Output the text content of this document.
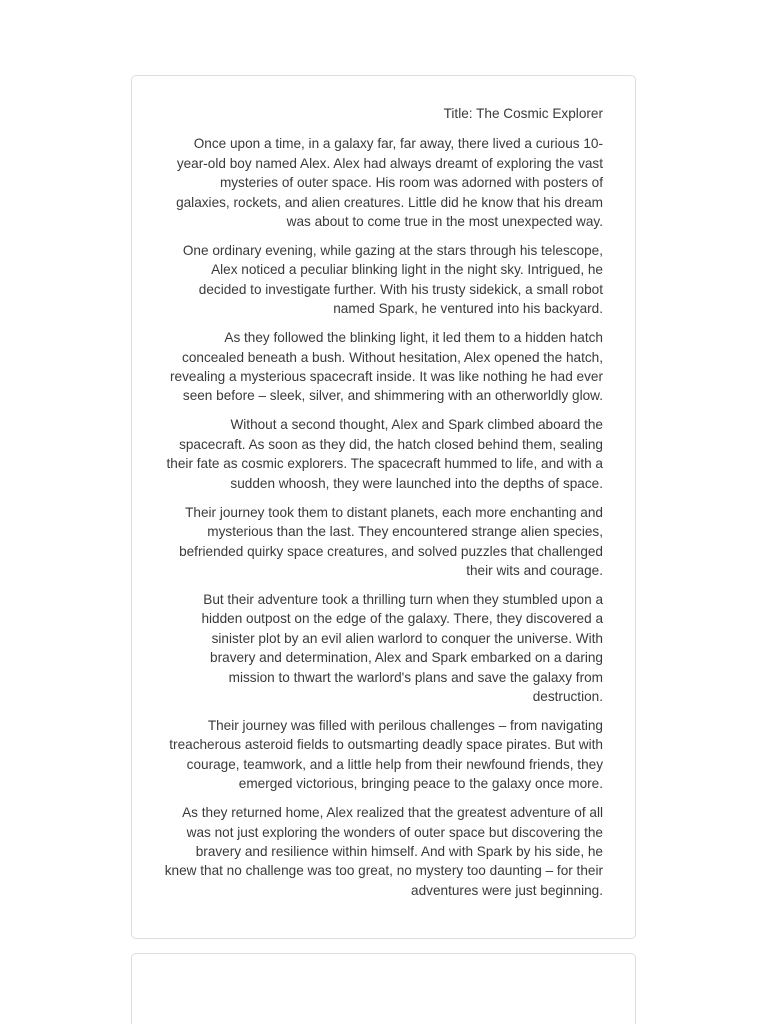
Title: The Cosmic Explorer

Once upon a time, in a galaxy far, far away, there lived a curious 10-year-old boy named Alex. Alex had always dreamt of exploring the vast mysteries of outer space. His room was adorned with posters of galaxies, rockets, and alien creatures. Little did he know that his dream was about to come true in the most unexpected way.

One ordinary evening, while gazing at the stars through his telescope, Alex noticed a peculiar blinking light in the night sky. Intrigued, he decided to investigate further. With his trusty sidekick, a small robot named Spark, he ventured into his backyard.

As they followed the blinking light, it led them to a hidden hatch concealed beneath a bush. Without hesitation, Alex opened the hatch, revealing a mysterious spacecraft inside. It was like nothing he had ever seen before – sleek, silver, and shimmering with an otherworldly glow.

Without a second thought, Alex and Spark climbed aboard the spacecraft. As soon as they did, the hatch closed behind them, sealing their fate as cosmic explorers. The spacecraft hummed to life, and with a sudden whoosh, they were launched into the depths of space.

Their journey took them to distant planets, each more enchanting and mysterious than the last. They encountered strange alien species, befriended quirky space creatures, and solved puzzles that challenged their wits and courage.

But their adventure took a thrilling turn when they stumbled upon a hidden outpost on the edge of the galaxy. There, they discovered a sinister plot by an evil alien warlord to conquer the universe. With bravery and determination, Alex and Spark embarked on a daring mission to thwart the warlord's plans and save the galaxy from destruction.

Their journey was filled with perilous challenges – from navigating treacherous asteroid fields to outsmarting deadly space pirates. But with courage, teamwork, and a little help from their newfound friends, they emerged victorious, bringing peace to the galaxy once more.

As they returned home, Alex realized that the greatest adventure of all was not just exploring the wonders of outer space but discovering the bravery and resilience within himself. And with Spark by his side, he knew that no challenge was too great, no mystery too daunting – for their adventures were just beginning.
